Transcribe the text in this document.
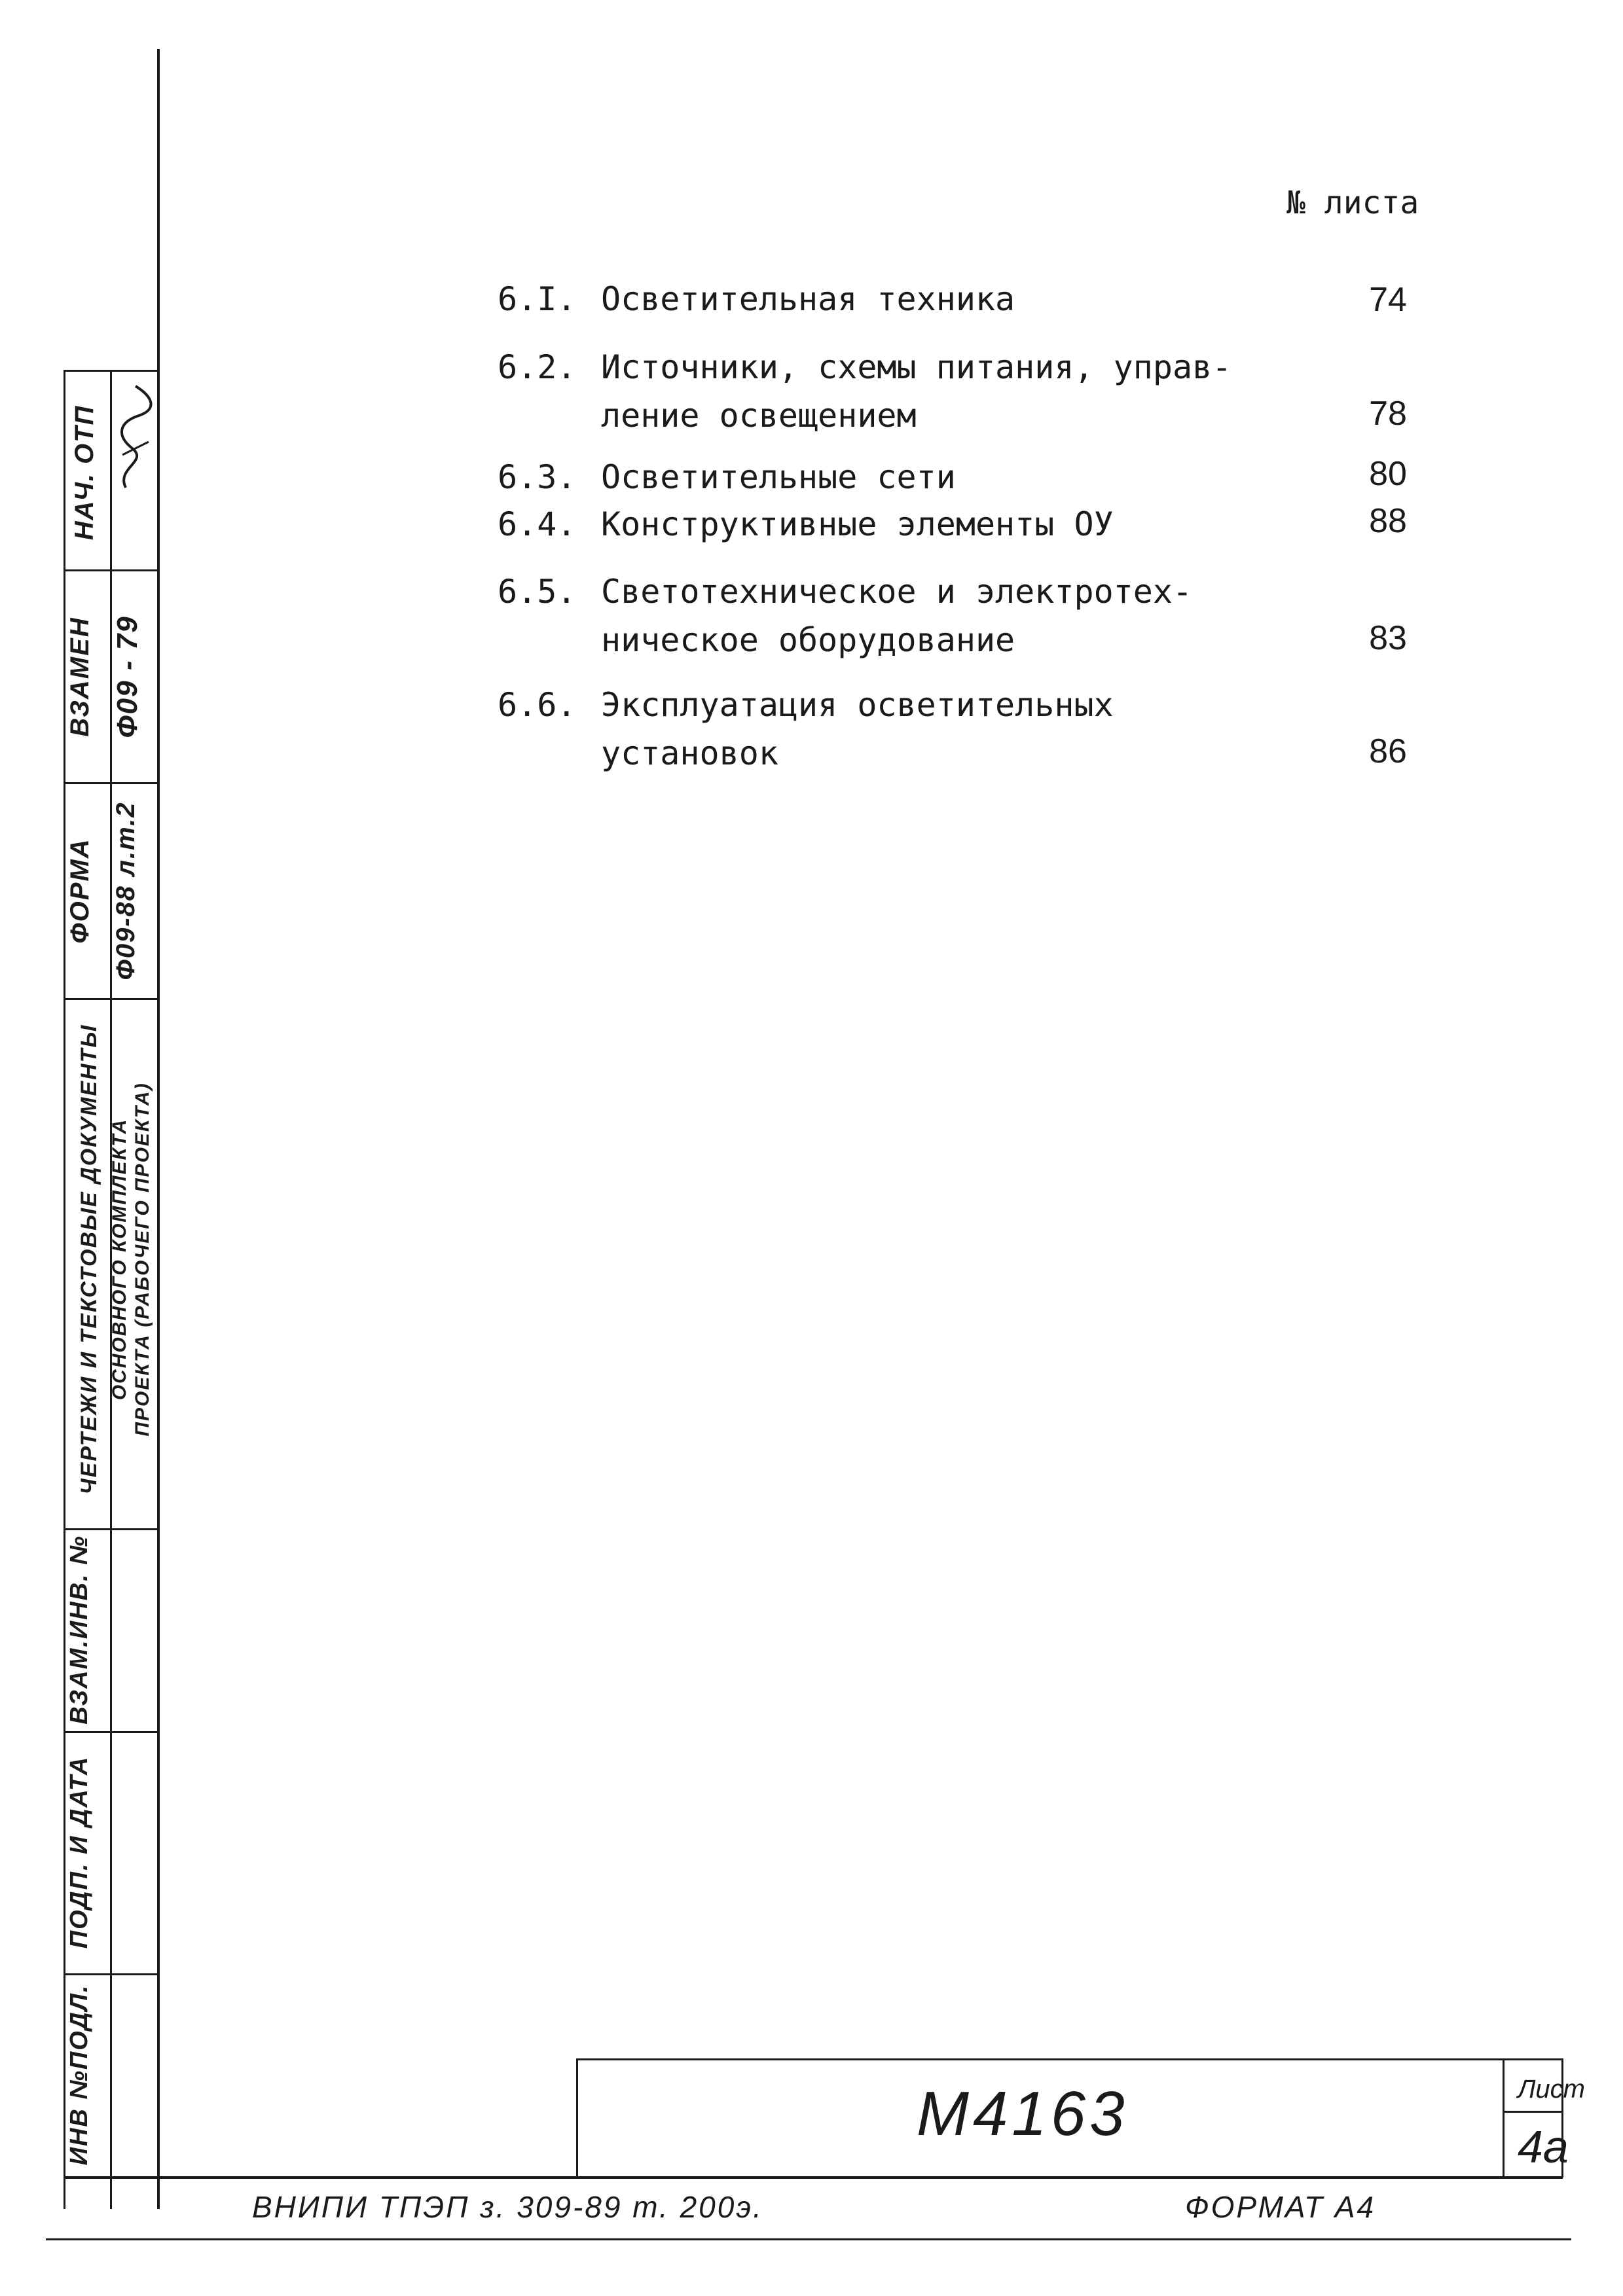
НАЧ. ОТП
ВЗАМЕН Ф09 - 79
ФОРМА Ф09-88 л.т.2
ЧЕРТЕЖИ И ТЕКСТОВЫЕ ДОКУМЕНТЫ ОСНОВНОГО КОМПЛЕКТА ПРОЕКТА (РАБОЧЕГО ПРОЕКТА)
ВЗАМ.ИНВ. №
ПОДП. И ДАТА
ИНВ №ПОДЛ.
№ листа
6.I. Осветительная техника	74
6.2. Источники, схемы питания, управ-
ление освещением	78
6.3. Осветительные сети	80
6.4. Конструктивные элементы ОУ	88
6.5. Светотехническое и электротех-
ническое оборудование	83
6.6. Эксплуатация осветительных
установок	86
М4163	Лист
4а
ВНИПИ ТПЭП з. 309-89 т. 200э.	ФОРМАТ А4
